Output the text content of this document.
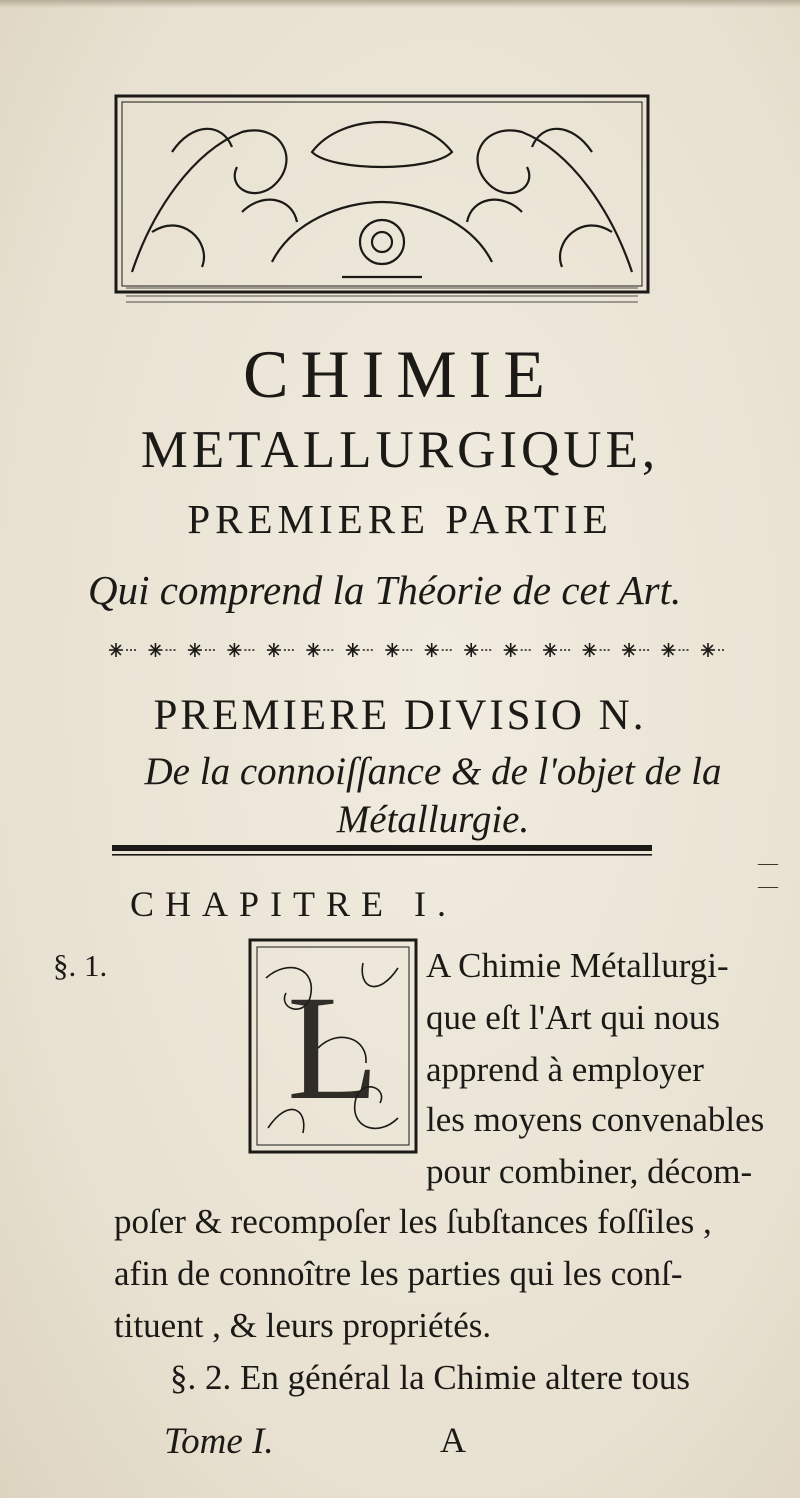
CHIMIE
METALLURGIQUE,
PREMIERE PARTIE
Qui comprend la Théorie de cet Art.
PREMIERE DIVISIO N.
De la connoiſſance & de l'objet de la Métallurgie.
CHAPITRE I.
§. 1.
— —
L A Chimie Métallurgi-
que eſt l'Art qui nous
apprend à employer
les moyens convenables
pour combiner, décom-
poſer & recompoſer les ſubſtances foſſiles ,
afin de connoître les parties qui les conſ-
tituent , & leurs propriétés.
§. 2. En général la Chimie altere tous
Tome I.	A
